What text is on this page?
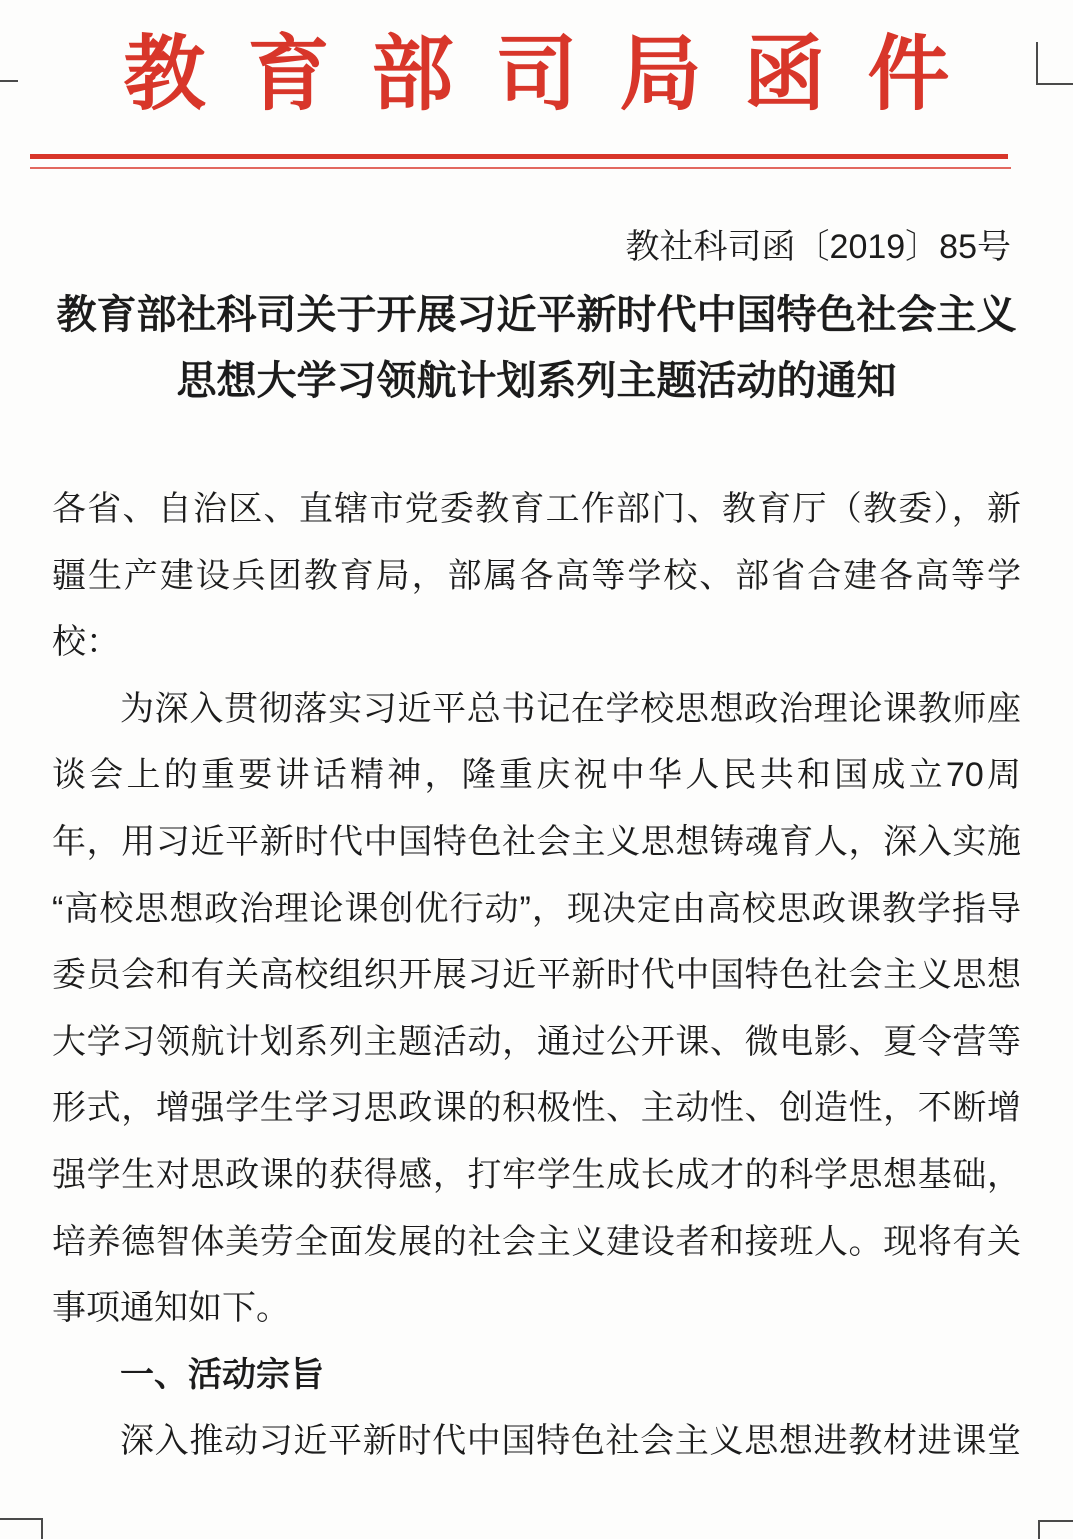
教育部司局函件
教社科司函〔2019〕85号
教育部社科司关于开展习近平新时代中国特色社会主义
思想大学习领航计划系列主题活动的通知
各省、自治区、直辖市党委教育工作部门、教育厅（教委），新
疆生产建设兵团教育局，部属各高等学校、部省合建各高等学
校：
为深入贯彻落实习近平总书记在学校思想政治理论课教师座
谈会上的重要讲话精神，隆重庆祝中华人民共和国成立70周
年，用习近平新时代中国特色社会主义思想铸魂育人，深入实施
“高校思想政治理论课创优行动”，现决定由高校思政课教学指导
委员会和有关高校组织开展习近平新时代中国特色社会主义思想
大学习领航计划系列主题活动，通过公开课、微电影、夏令营等
形式，增强学生学习思政课的积极性、主动性、创造性，不断增
强学生对思政课的获得感，打牢学生成长成才的科学思想基础，
培养德智体美劳全面发展的社会主义建设者和接班人。现将有关
事项通知如下。
一、活动宗旨
深入推动习近平新时代中国特色社会主义思想进教材进课堂
